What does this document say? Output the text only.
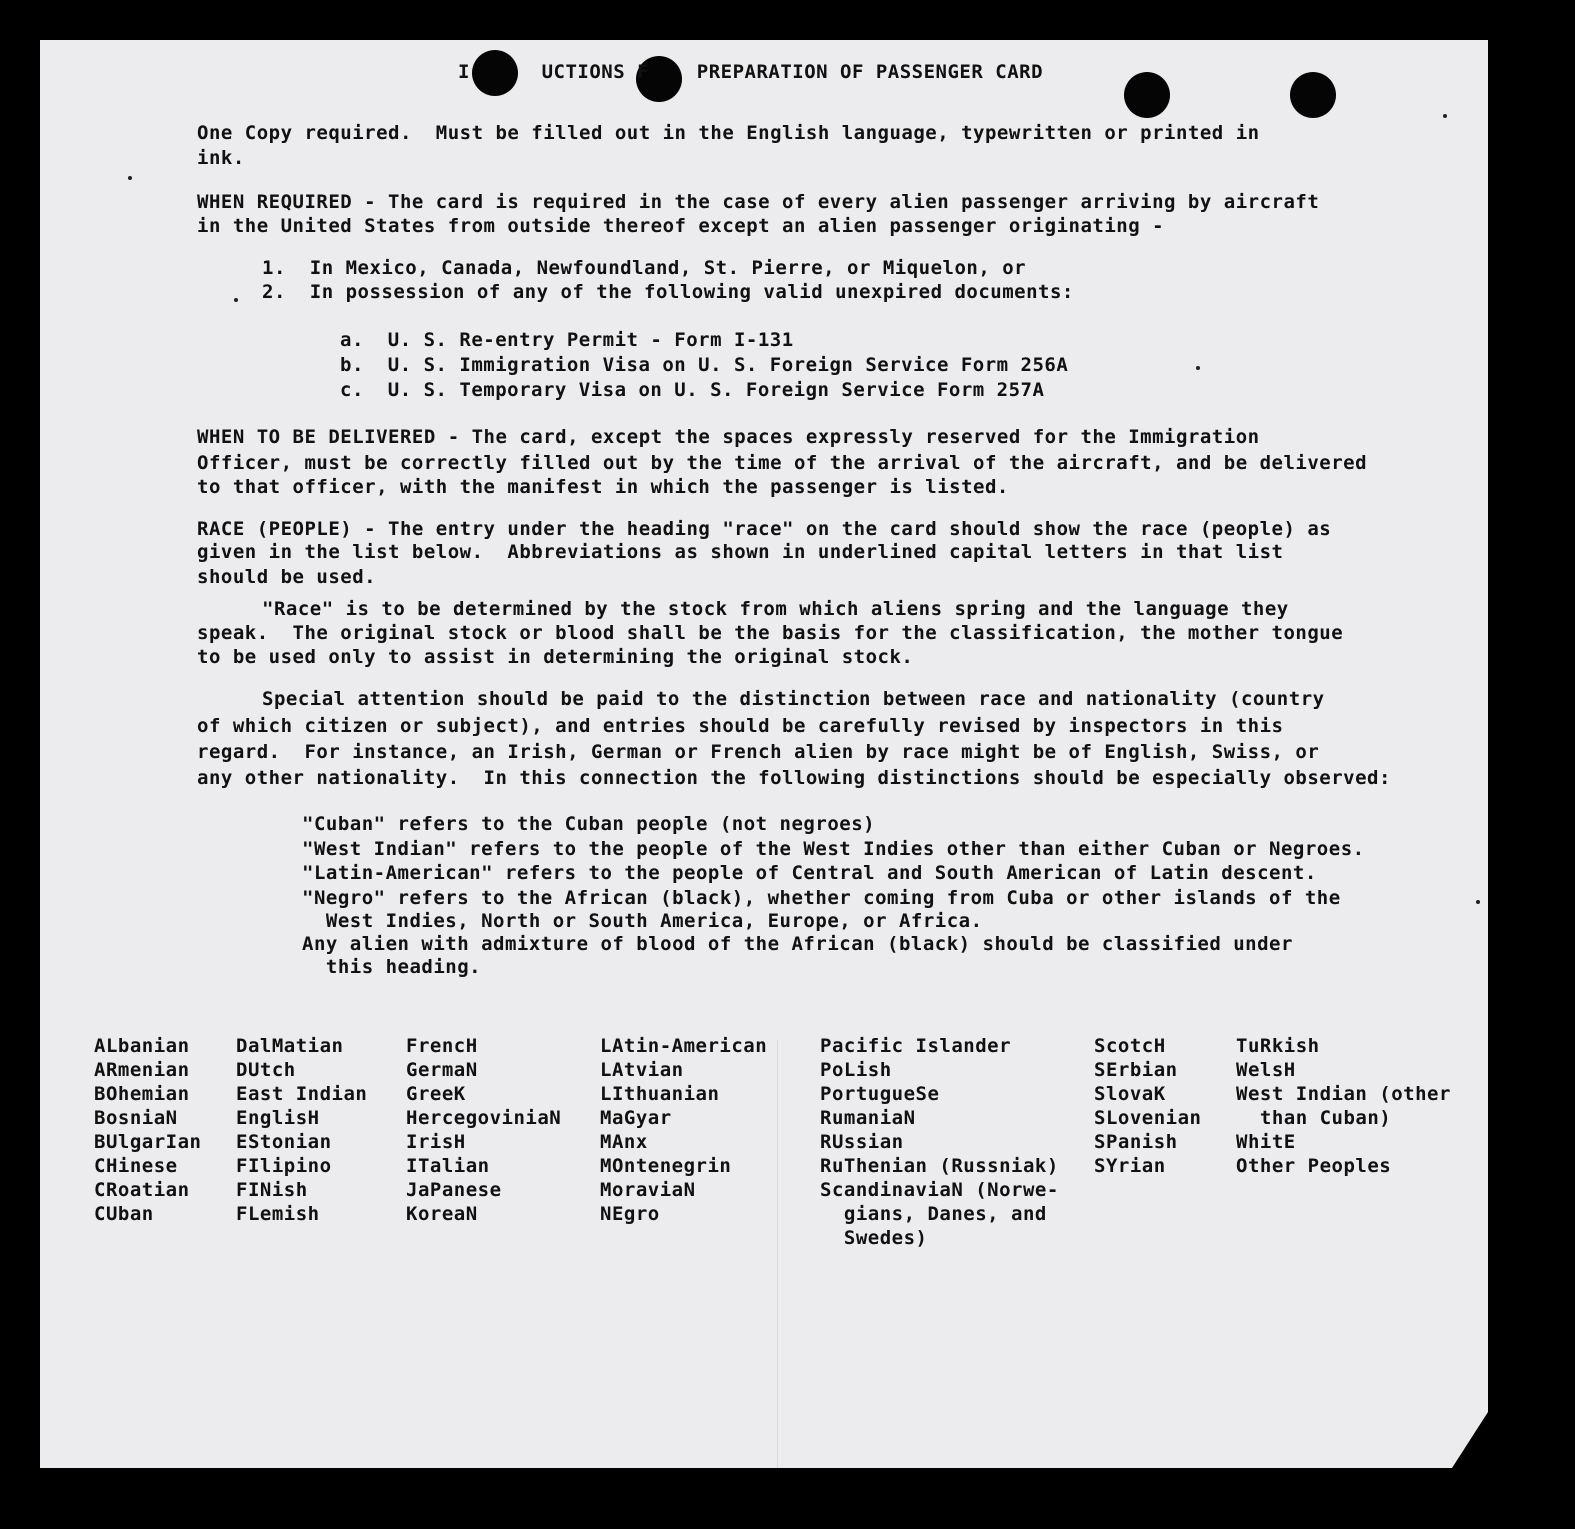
I      UCTIONS F    PREPARATION OF PASSENGER CARD
One Copy required.  Must be filled out in the English language, typewritten or printed in
ink.
WHEN REQUIRED - The card is required in the case of every alien passenger arriving by aircraft
in the United States from outside thereof except an alien passenger originating -
1.  In Mexico, Canada, Newfoundland, St. Pierre, or Miquelon, or
2.  In possession of any of the following valid unexpired documents:
a.  U. S. Re-entry Permit - Form I-131
b.  U. S. Immigration Visa on U. S. Foreign Service Form 256A
c.  U. S. Temporary Visa on U. S. Foreign Service Form 257A
WHEN TO BE DELIVERED - The card, except the spaces expressly reserved for the Immigration
Officer, must be correctly filled out by the time of the arrival of the aircraft, and be delivered
to that officer, with the manifest in which the passenger is listed.
RACE (PEOPLE) - The entry under the heading "race" on the card should show the race (people) as
given in the list below.  Abbreviations as shown in underlined capital letters in that list
should be used.
"Race" is to be determined by the stock from which aliens spring and the language they
speak.  The original stock or blood shall be the basis for the classification, the mother tongue
to be used only to assist in determining the original stock.
Special attention should be paid to the distinction between race and nationality (country
of which citizen or subject), and entries should be carefully revised by inspectors in this
regard.  For instance, an Irish, German or French alien by race might be of English, Swiss, or
any other nationality.  In this connection the following distinctions should be especially observed:
"Cuban" refers to the Cuban people (not negroes)
"West Indian" refers to the people of the West Indies other than either Cuban or Negroes.
"Latin-American" refers to the people of Central and South American of Latin descent.
"Negro" refers to the African (black), whether coming from Cuba or other islands of the
West Indies, North or South America, Europe, or Africa.
Any alien with admixture of blood of the African (black) should be classified under
this heading.
ALbanian
ARmenian
BOhemian
BosniaN
BUlgarIan
CHinese
CRoatian
CUban
DalMatian
DUtch
East Indian
EnglisH
EStonian
FIlipino
FINish
FLemish
FrencH
GermaN
GreeK
HercegoviniaN
IrisH
ITalian
JaPanese
KoreaN
LAtin-American
LAtvian
LIthuanian
MaGyar
MAnx
MOntenegrin
MoraviaN
NEgro
Pacific Islander
PoLish
PortugueSe
RumaniaN
RUssian
RuThenian (Russniak)
ScandinaviaN (Norwe-
gians, Danes, and
Swedes)
ScotcH
SErbian
SlovaK
SLovenian
SPanish
SYrian
TuRkish
WelsH
West Indian (other
than Cuban)
WhitE
Other Peoples
